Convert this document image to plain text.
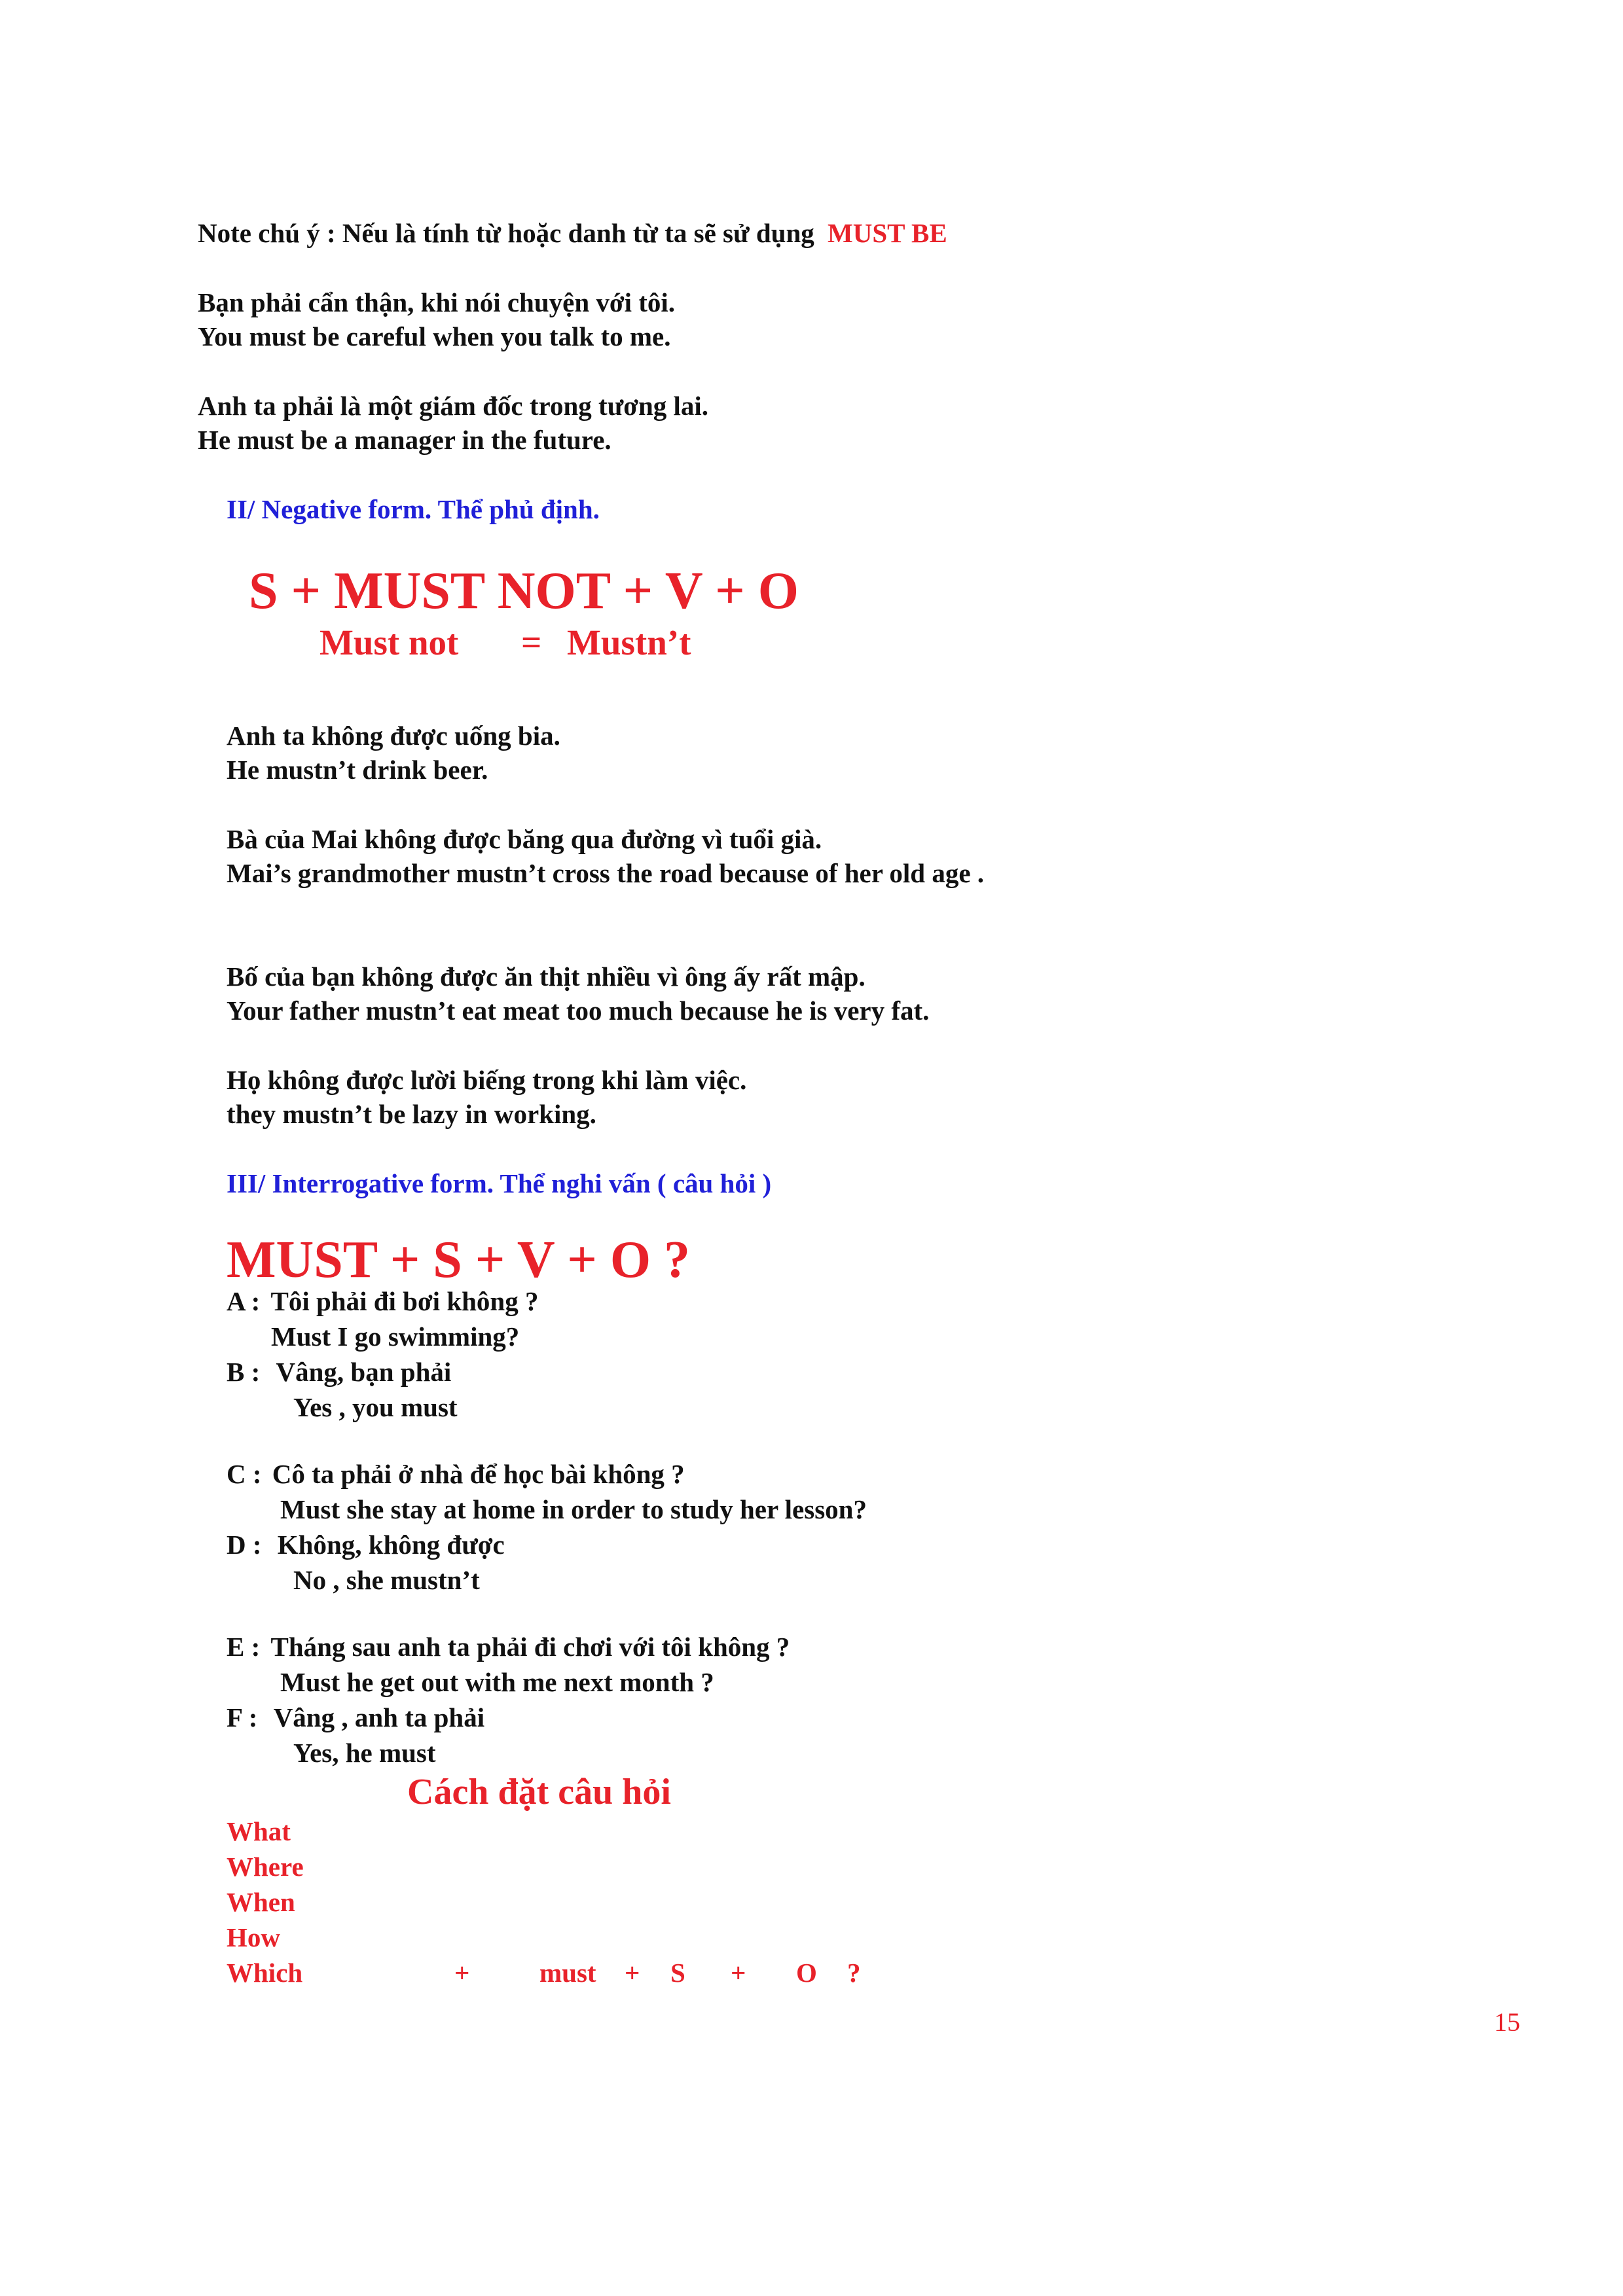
Note chú ý : Nếu là tính từ hoặc danh từ ta sẽ sử dụng MUST BE
Bạn phải cẩn thận, khi nói chuyện với tôi.
You must be careful when you talk to me.
Anh ta phải là một giám đốc trong tương lai.
He must be a manager in the future.
II/ Negative form. Thể phủ định.
S + MUST NOT + V + O
Must not = Mustn’t
Anh ta không được uống bia.
He mustn’t drink beer.
Bà của Mai không được băng qua đường vì tuổi già.
Mai’s grandmother mustn’t cross the road because of her old age .
Bố của bạn không được ăn thịt nhiều vì ông ấy rất mập.
Your father mustn’t eat meat too much because he is very fat.
Họ không được lười biếng trong khi làm việc.
they mustn’t be lazy in working.
III/ Interrogative form. Thể nghi vấn ( câu hỏi )
MUST + S + V + O ?
A : Tôi phải đi bơi không ?
Must I go swimming?
B : Vâng, bạn phải
Yes , you must
C : Cô ta phải ở nhà để học bài không ?
Must she stay at home in order to study her lesson?
D : Không, không được
No , she mustn’t
E : Tháng sau anh ta phải đi chơi với tôi không ?
Must he get out with me next month ?
F : Vâng , anh ta phải
Yes, he must
Cách đặt câu hỏi
What
Where
When
How
Which	+	must + S + O ?
15
